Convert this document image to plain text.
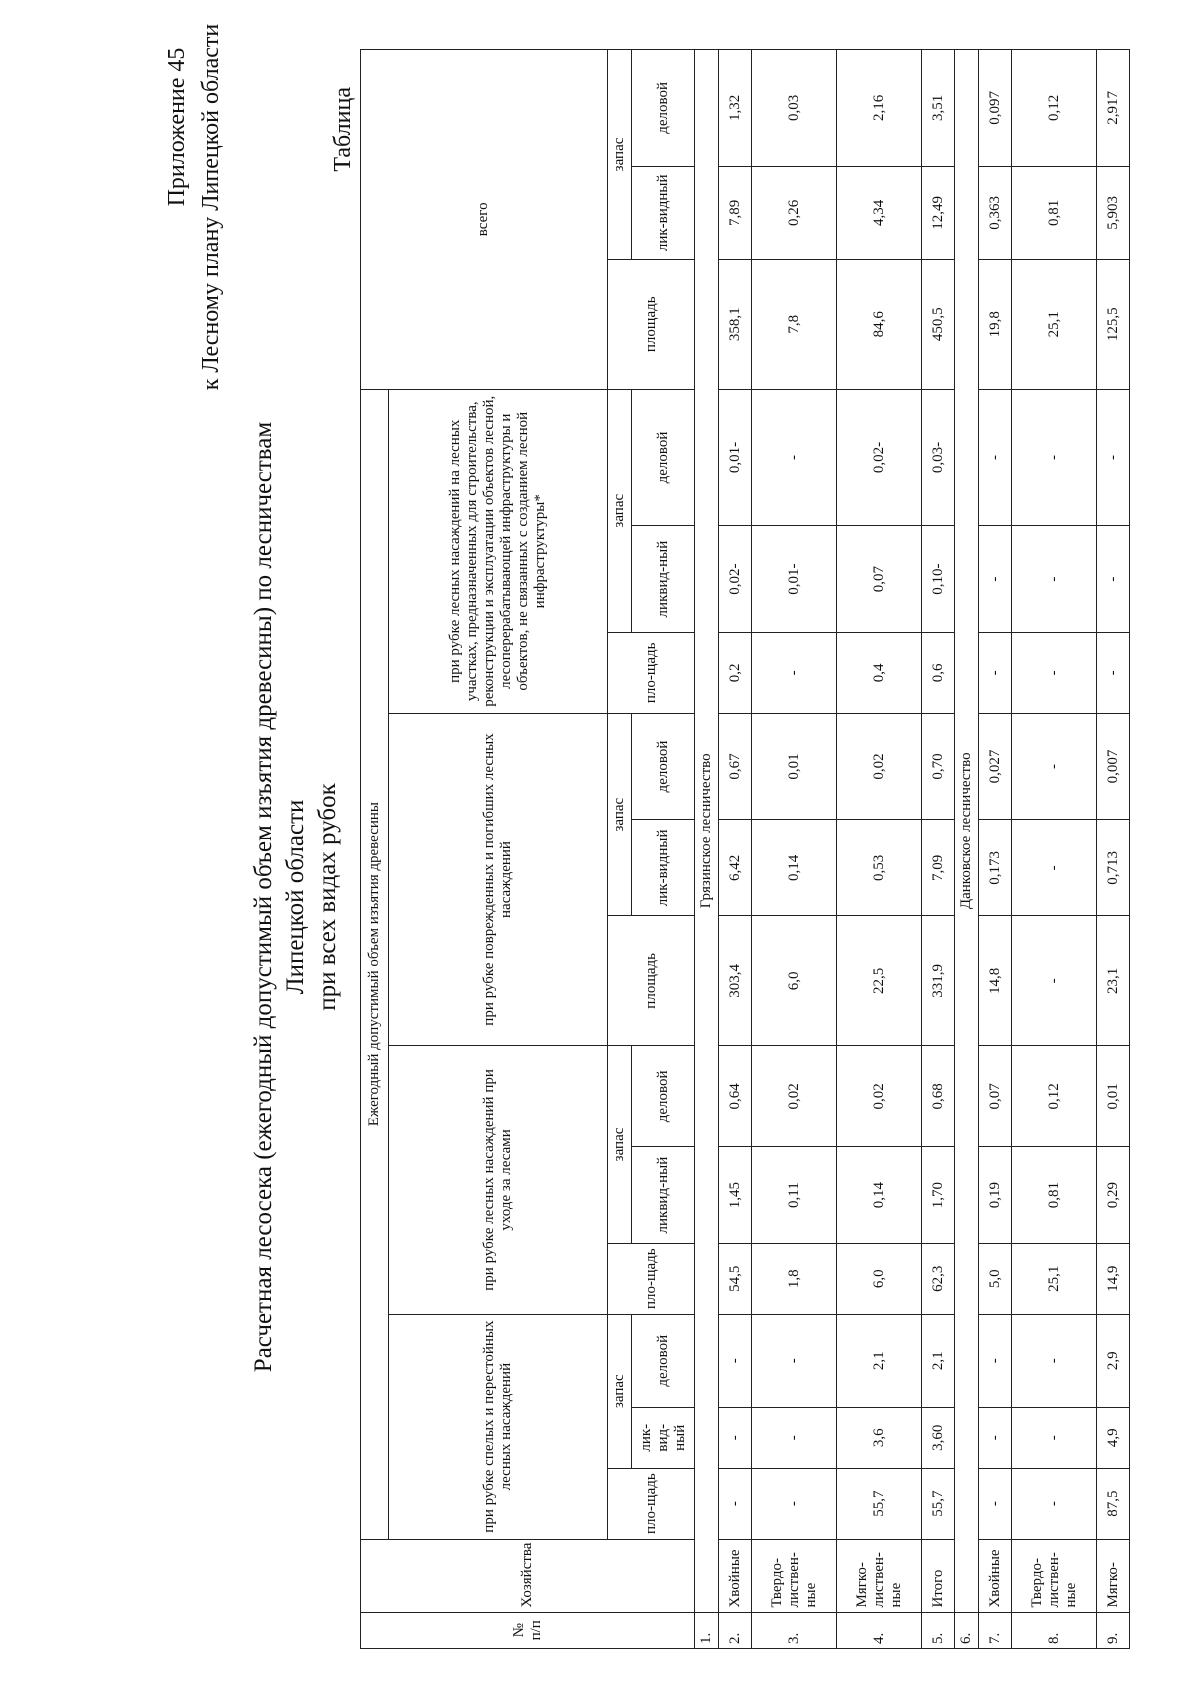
Приложение 45 к Лесному плану Липецкой области
Расчетная лесосека (ежегодный допустимый объем изъятия древесины) по лесничествам Липецкой области при всех видах рубок
Таблица
№ п/п	Хозяйства	Ежегодный допустимый объем изъятия древесины												всего		
		при рубке спелых и перестойных лесных насаждений			при рубке лесных насаждений при уходе за лесами			при рубке поврежденных и погибших лесных насаждений			при рубке лесных насаждений на лесных участках, предназначенных для строительства, реконструкции и эксплуатации объектов лесной, лесоперерабатывающей инфраструктуры и объектов, не связанных с созданием лесной инфраструктуры*					
		пло-щадь	запас		пло-щадь	запас		площадь	запас		пло-щадь	запас		площадь	запас	
			лик-вид-ный	деловой		ликвид-ный	деловой		лик-видный	деловой		ликвид-ный	деловой		лик-видный	деловой
1.	Грязинское лесничество															
2.	Хвойные	-	-	-	54,5	1,45	0,64	303,4	6,42	0,67	0,2	0,02-	0,01-	358,1	7,89	1,32
3.	Твердо-листвен-ные	-	-	-	1,8	0,11	0,02	6,0	0,14	0,01	-	0,01-	-	7,8	0,26	0,03
4.	Мягко-листвен-ные	55,7	3,6	2,1	6,0	0,14	0,02	22,5	0,53	0,02	0,4	0,07	0,02-	84,6	4,34	2,16
5.	Итого	55,7	3,60	2,1	62,3	1,70	0,68	331,9	7,09	0,70	0,6	0,10-	0,03-	450,5	12,49	3,51
6.	Данковское лесничество															
7.	Хвойные	-	-	-	5,0	0,19	0,07	14,8	0,173	0,027	-	-	-	19,8	0,363	0,097
8.	Твердо-листвен-ные	-	-	-	25,1	0,81	0,12	-	-	-	-	-	-	25,1	0,81	0,12
9.	Мягко-	87,5	4,9	2,9	14,9	0,29	0,01	23,1	0,713	0,007	-	-	-	125,5	5,903	2,917
